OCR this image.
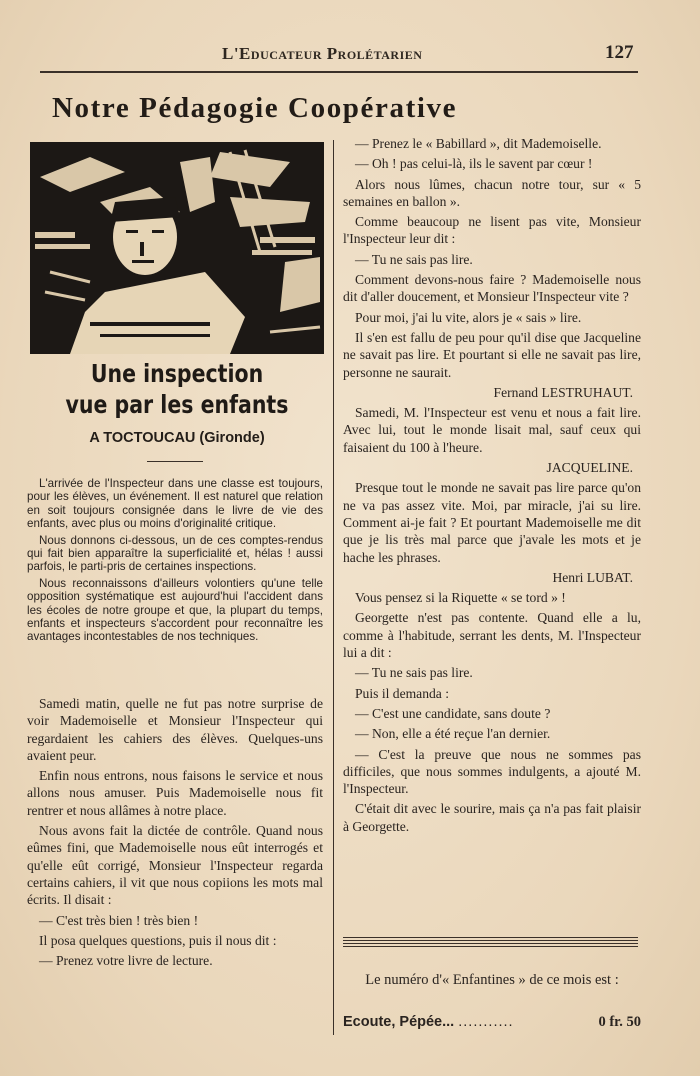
L'Educateur Prolétarien	127
Notre Pédagogie Coopérative
Une inspection
vue par les enfants
A TOCTOUCAU (Gironde)

L'arrivée de l'Inspecteur dans une classe est toujours, pour les élèves, un événement. Il est naturel que relation en soit toujours consignée dans le livre de vie des enfants, avec plus ou moins d'originalité critique.

Nous donnons ci-dessous, un de ces comptes-rendus qui fait bien apparaître la superficialité et, hélas ! aussi parfois, le parti-pris de certaines inspections.

Nous reconnaissons d'ailleurs volontiers qu'une telle opposition systématique est aujourd'hui l'accident dans les écoles de notre groupe et que, la plupart du temps, enfants et inspecteurs s'accordent pour reconnaître les avantages incontestables de nos techniques.

Samedi matin, quelle ne fut pas notre surprise de voir Mademoiselle et Monsieur l'Inspecteur qui regardaient les cahiers des élèves. Quelques-uns avaient peur.

Enfin nous entrons, nous faisons le service et nous allons nous amuser. Puis Mademoiselle nous fit rentrer et nous allâmes à notre place.

Nous avons fait la dictée de contrôle. Quand nous eûmes fini, que Mademoiselle nous eût interrogés et qu'elle eût corrigé, Monsieur l'Inspecteur regarda certains cahiers, il vit que nous copiions les mots mal écrits. Il disait :

— C'est très bien ! très bien !

Il posa quelques questions, puis il nous dit :

— Prenez votre livre de lecture.

— Prenez le « Babillard », dit Mademoiselle.

— Oh ! pas celui-là, ils le savent par cœur !

Alors nous lûmes, chacun notre tour, sur « 5 semaines en ballon ».

Comme beaucoup ne lisent pas vite, Monsieur l'Inspecteur leur dit :

— Tu ne sais pas lire.

Comment devons-nous faire ? Mademoiselle nous dit d'aller doucement, et Monsieur l'Inspecteur vite ?

Pour moi, j'ai lu vite, alors je « sais » lire.

Il s'en est fallu de peu pour qu'il dise que Jacqueline ne savait pas lire. Et pourtant si elle ne savait pas lire, personne ne saurait.

Fernand LESTRUHAUT.

Samedi, M. l'Inspecteur est venu et nous a fait lire. Avec lui, tout le monde lisait mal, sauf ceux qui faisaient du 100 à l'heure.

JACQUELINE.

Presque tout le monde ne savait pas lire parce qu'on ne va pas assez vite. Moi, par miracle, j'ai su lire. Comment ai-je fait ? Et pourtant Mademoiselle me dit que je lis très mal parce que j'avale les mots et je hache les phrases.

Henri LUBAT.

Vous pensez si la Riquette « se tord » !

Georgette n'est pas contente. Quand elle a lu, comme à l'habitude, serrant les dents, M. l'Inspecteur lui a dit :

— Tu ne sais pas lire.

Puis il demanda :

— C'est une candidate, sans doute ?

— Non, elle a été reçue l'an dernier.

— C'est la preuve que nous ne sommes pas difficiles, que nous sommes indulgents, a ajouté M. l'Inspecteur.

C'était dit avec le sourire, mais ça n'a pas fait plaisir à Georgette.

Le numéro d'« Enfantines » de ce mois est :
Ecoute, Pépée... ...........	0 fr. 50
